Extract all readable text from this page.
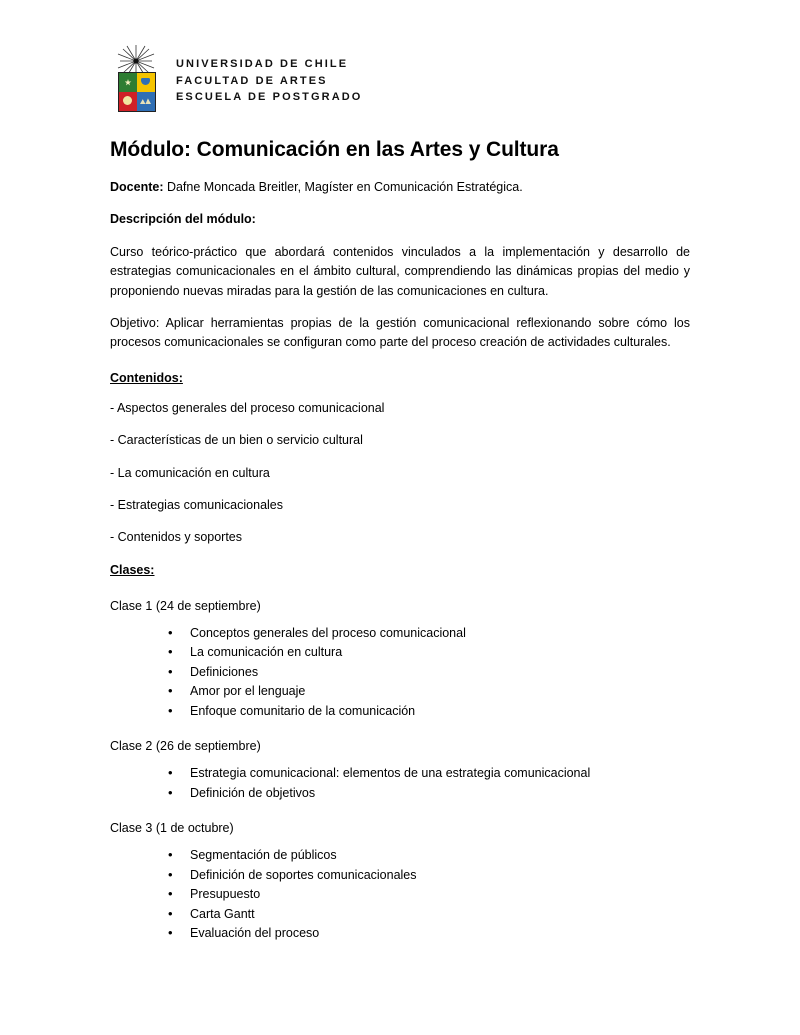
UNIVERSIDAD DE CHILE
FACULTAD DE ARTES
ESCUELA DE POSTGRADO
Módulo: Comunicación en las Artes y Cultura

Docente: Dafne Moncada Breitler, Magíster en Comunicación Estratégica.

Descripción del módulo:

Curso teórico-práctico que abordará contenidos vinculados a la implementación y desarrollo de estrategias comunicacionales en el ámbito cultural, comprendiendo las dinámicas propias del medio y proponiendo nuevas miradas para la gestión de las comunicaciones en cultura.

Objetivo: Aplicar herramientas propias de la gestión comunicacional reflexionando sobre cómo los procesos comunicacionales se configuran como parte del proceso creación de actividades culturales.

Contenidos:

- Aspectos generales del proceso comunicacional

- Características de un bien o servicio cultural

- La comunicación en cultura

- Estrategias comunicacionales

- Contenidos y soportes

Clases:

Clase 1 (24 de septiembre)

• Conceptos generales del proceso comunicacional
• La comunicación en cultura
• Definiciones
• Amor por el lenguaje
• Enfoque comunitario de la comunicación

Clase 2 (26 de septiembre)

• Estrategia comunicacional: elementos de una estrategia comunicacional
• Definición de objetivos

Clase 3 (1 de octubre)

• Segmentación de públicos
• Definición de soportes comunicacionales
• Presupuesto
• Carta Gantt
• Evaluación del proceso
